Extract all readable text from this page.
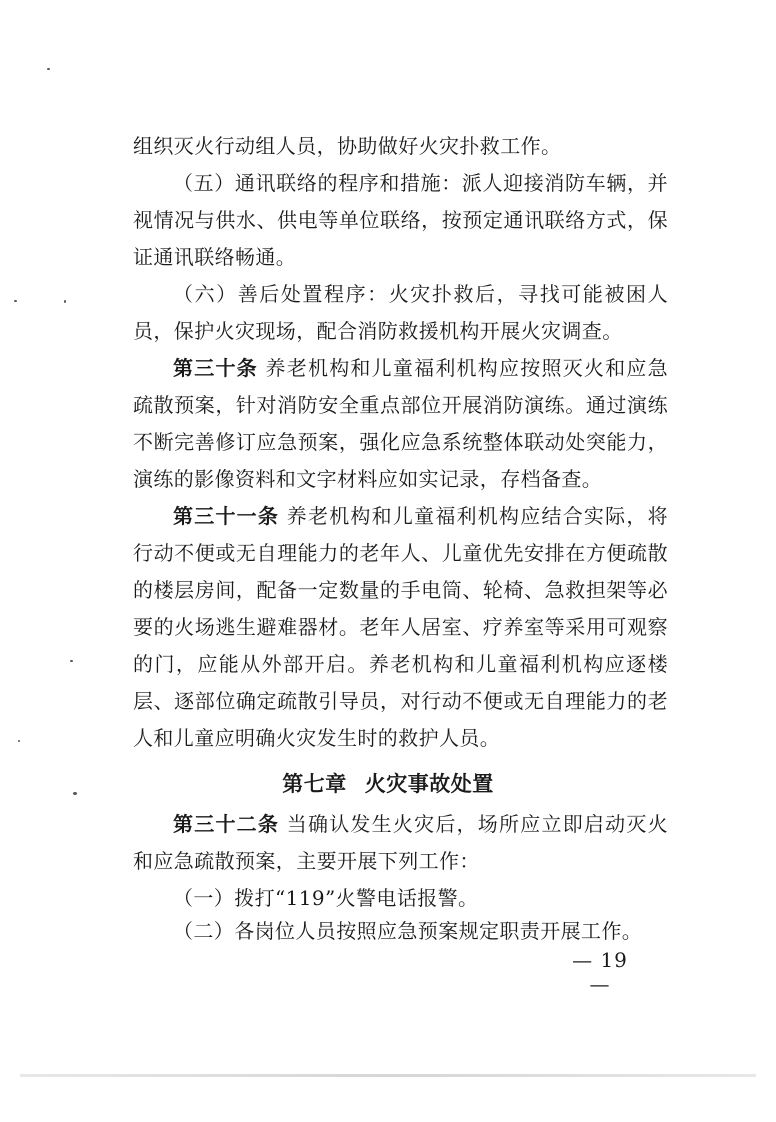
组织灭火行动组人员，协助做好火灾扑救工作。

（五）通讯联络的程序和措施：派人迎接消防车辆，并视情况与供水、供电等单位联络，按预定通讯联络方式，保证通讯联络畅通。

（六）善后处置程序：火灾扑救后，寻找可能被困人员，保护火灾现场，配合消防救援机构开展火灾调查。

第三十条 养老机构和儿童福利机构应按照灭火和应急疏散预案，针对消防安全重点部位开展消防演练。通过演练不断完善修订应急预案，强化应急系统整体联动处突能力，演练的影像资料和文字材料应如实记录，存档备查。

第三十一条 养老机构和儿童福利机构应结合实际，将行动不便或无自理能力的老年人、儿童优先安排在方便疏散的楼层房间，配备一定数量的手电筒、轮椅、急救担架等必要的火场逃生避难器材。老年人居室、疗养室等采用可观察的门，应能从外部开启。养老机构和儿童福利机构应逐楼层、逐部位确定疏散引导员，对行动不便或无自理能力的老人和儿童应明确火灾发生时的救护人员。

第七章 火灾事故处置

第三十二条 当确认发生火灾后，场所应立即启动灭火和应急疏散预案，主要开展下列工作：

（一）拨打“119”火警电话报警。

（二）各岗位人员按照应急预案规定职责开展工作。

— 19 —
